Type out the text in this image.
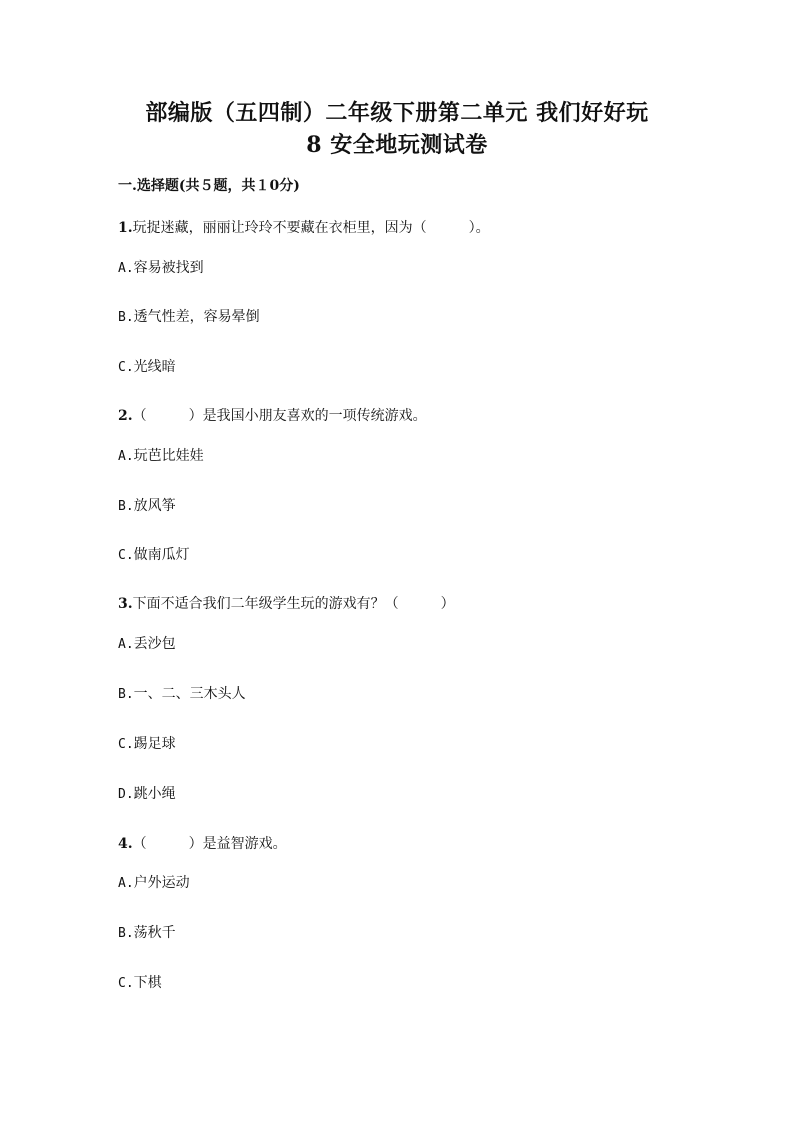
部编版（五四制）二年级下册第二单元 我们好好玩
8 安全地玩测试卷
一.选择题(共５题，共１0分)
1.玩捉迷藏，丽丽让玲玲不要藏在衣柜里，因为（　　　）。
A.容易被找到
B.透气性差，容易晕倒
C.光线暗
2.（　　　）是我国小朋友喜欢的一项传统游戏。
A.玩芭比娃娃
B.放风筝
C.做南瓜灯
3.下面不适合我们二年级学生玩的游戏有？（　　　）
A.丢沙包
B.一、二、三木头人
C.踢足球
D.跳小绳
4.（　　　）是益智游戏。
A.户外运动
B.荡秋千
C.下棋
